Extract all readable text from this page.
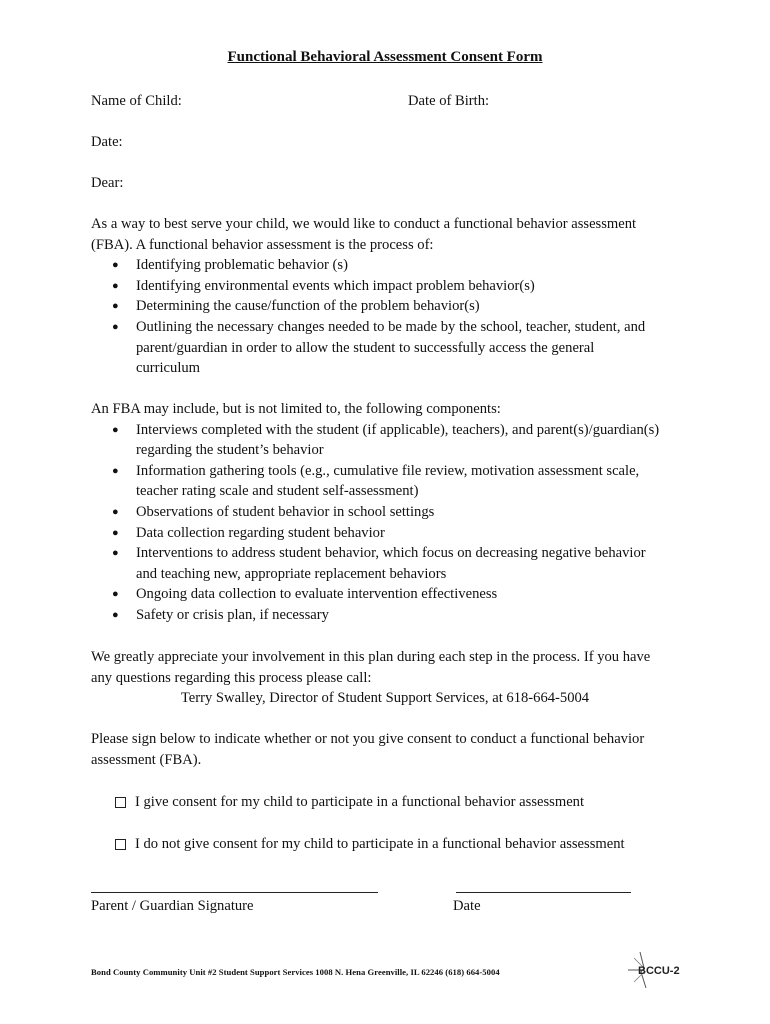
Functional Behavioral Assessment Consent Form
Name of Child:	Date of Birth:
Date:
Dear:
As a way to best serve your child, we would like to conduct a functional behavior assessment
(FBA). A functional behavior assessment is the process of:
● Identifying problematic behavior (s)
● Identifying environmental events which impact problem behavior(s)
● Determining the cause/function of the problem behavior(s)
● Outlining the necessary changes needed to be made by the school, teacher, student, and
parent/guardian in order to allow the student to successfully access the general
curriculum
An FBA may include, but is not limited to, the following components:
● Interviews completed with the student (if applicable), teachers), and parent(s)/guardian(s)
regarding the student’s behavior
● Information gathering tools (e.g., cumulative file review, motivation assessment scale,
teacher rating scale and student self-assessment)
● Observations of student behavior in school settings
● Data collection regarding student behavior
● Interventions to address student behavior, which focus on decreasing negative behavior
and teaching new, appropriate replacement behaviors
● Ongoing data collection to evaluate intervention effectiveness
● Safety or crisis plan, if necessary
We greatly appreciate your involvement in this plan during each step in the process. If you have
any questions regarding this process please call:
Terry Swalley, Director of Student Support Services, at 618-664-5004
Please sign below to indicate whether or not you give consent to conduct a functional behavior
assessment (FBA).
I give consent for my child to participate in a functional behavior assessment
I do not give consent for my child to participate in a functional behavior assessment
Parent / Guardian Signature	Date
Bond County Community Unit #2 Student Support Services 1008 N. Hena Greenville, IL 62246 (618) 664-5004	BCCU-2
